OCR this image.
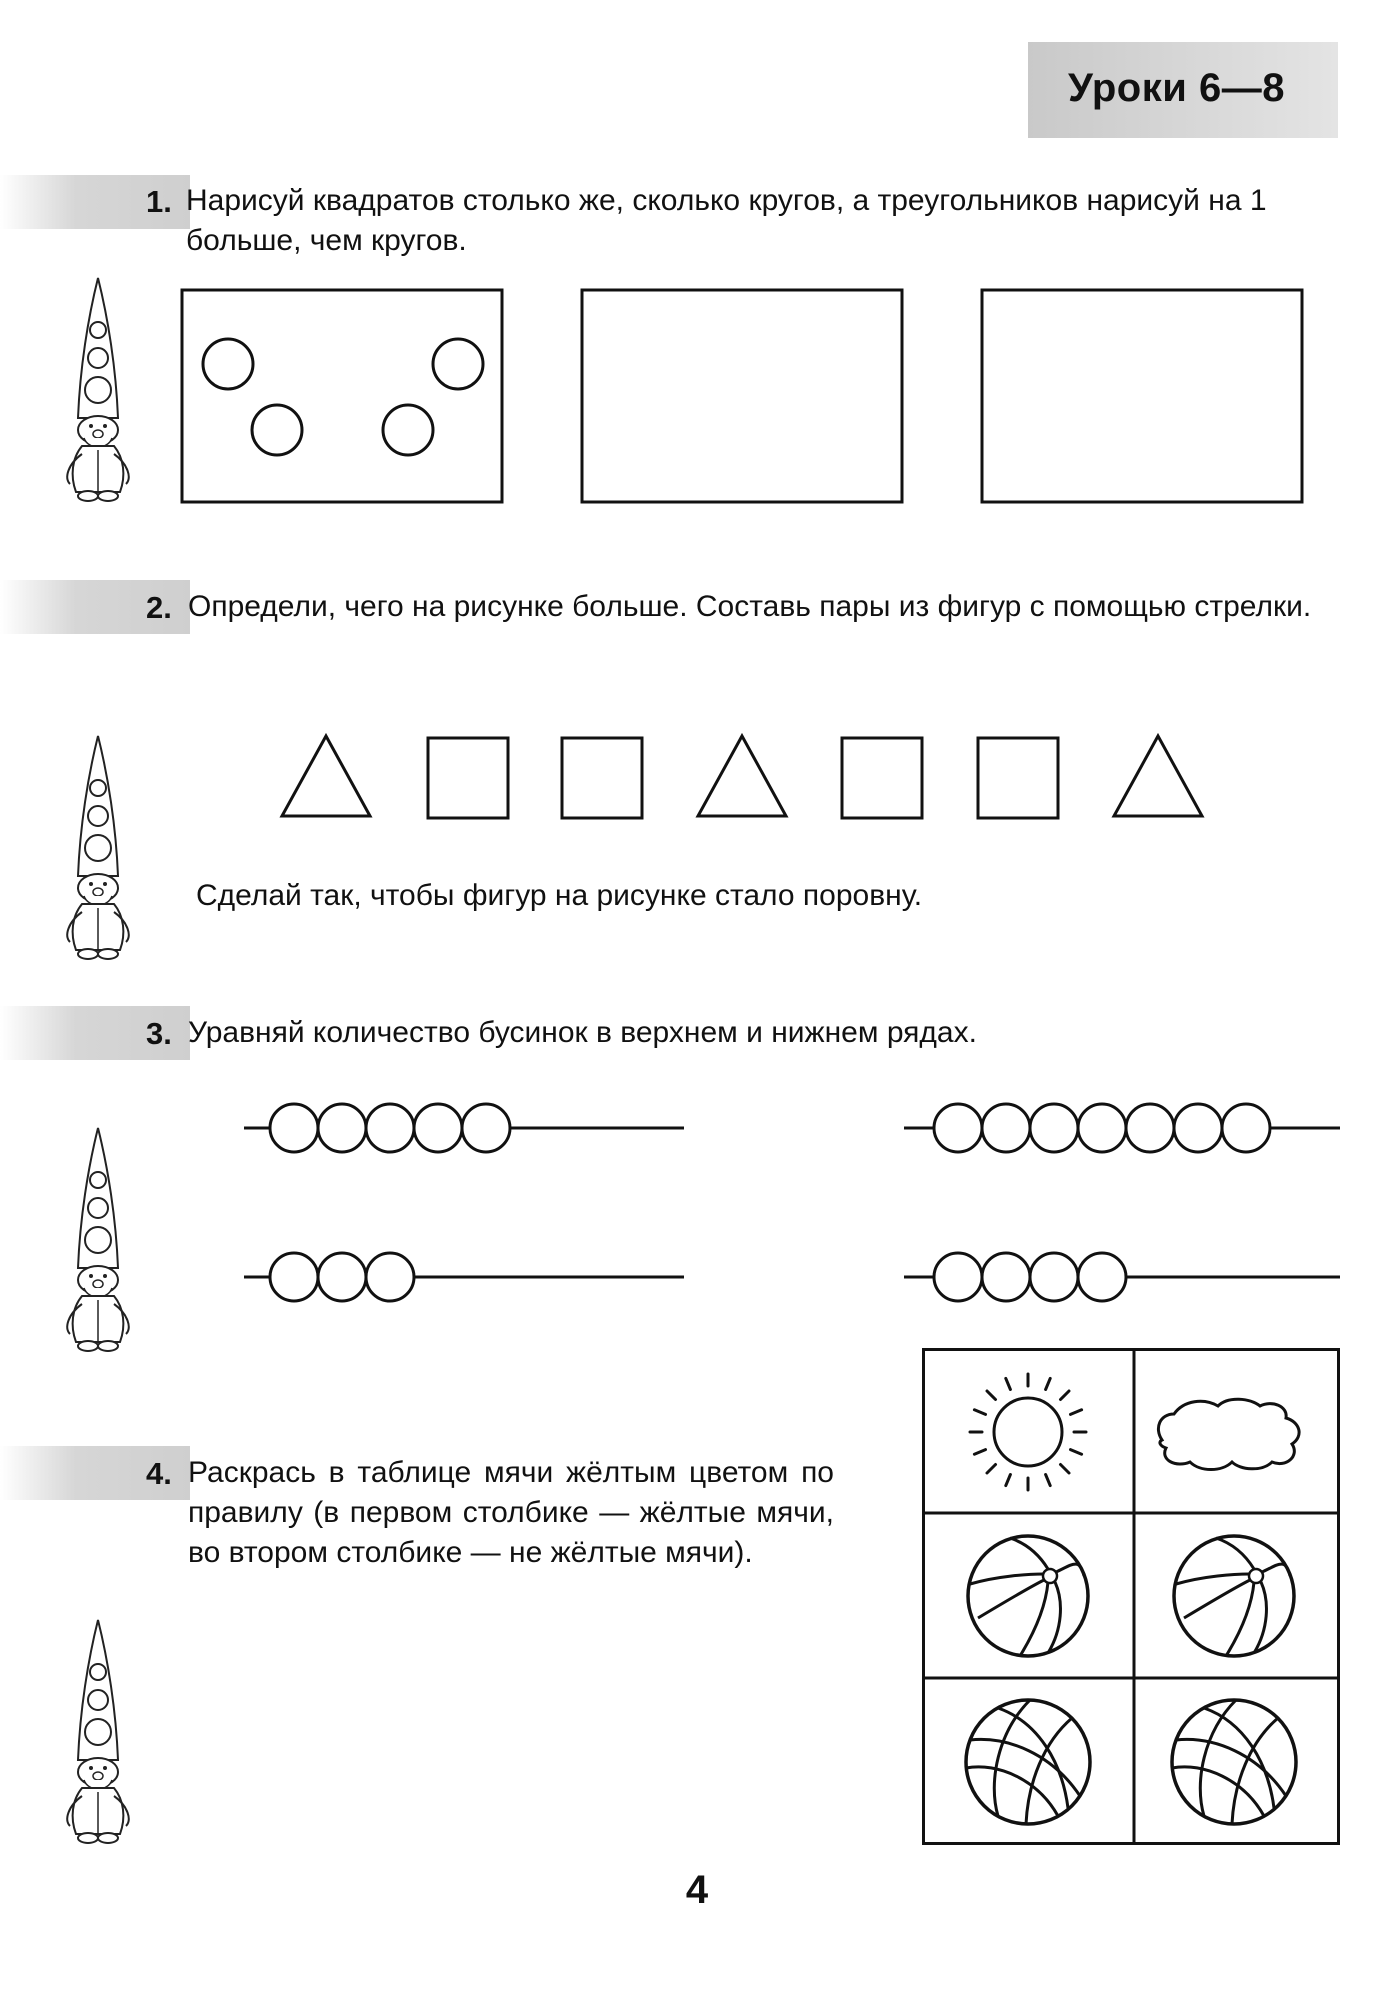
Уроки 6—8
1. Нарисуй квадратов столько же, сколько кругов, а треугольников нарисуй на 1 больше, чем кругов.
2. Определи, чего на рисунке больше. Составь пары из фигур с помощью стрелки.
Сделай так, чтобы фигур на рисунке стало поровну.
3. Уравняй количество бусинок в верхнем и нижнем рядах.
4. Раскрась в таблице мячи жёлтым цветом по правилу (в первом столбике — жёлтые мячи, во втором столбике — не жёлтые мячи).
4
